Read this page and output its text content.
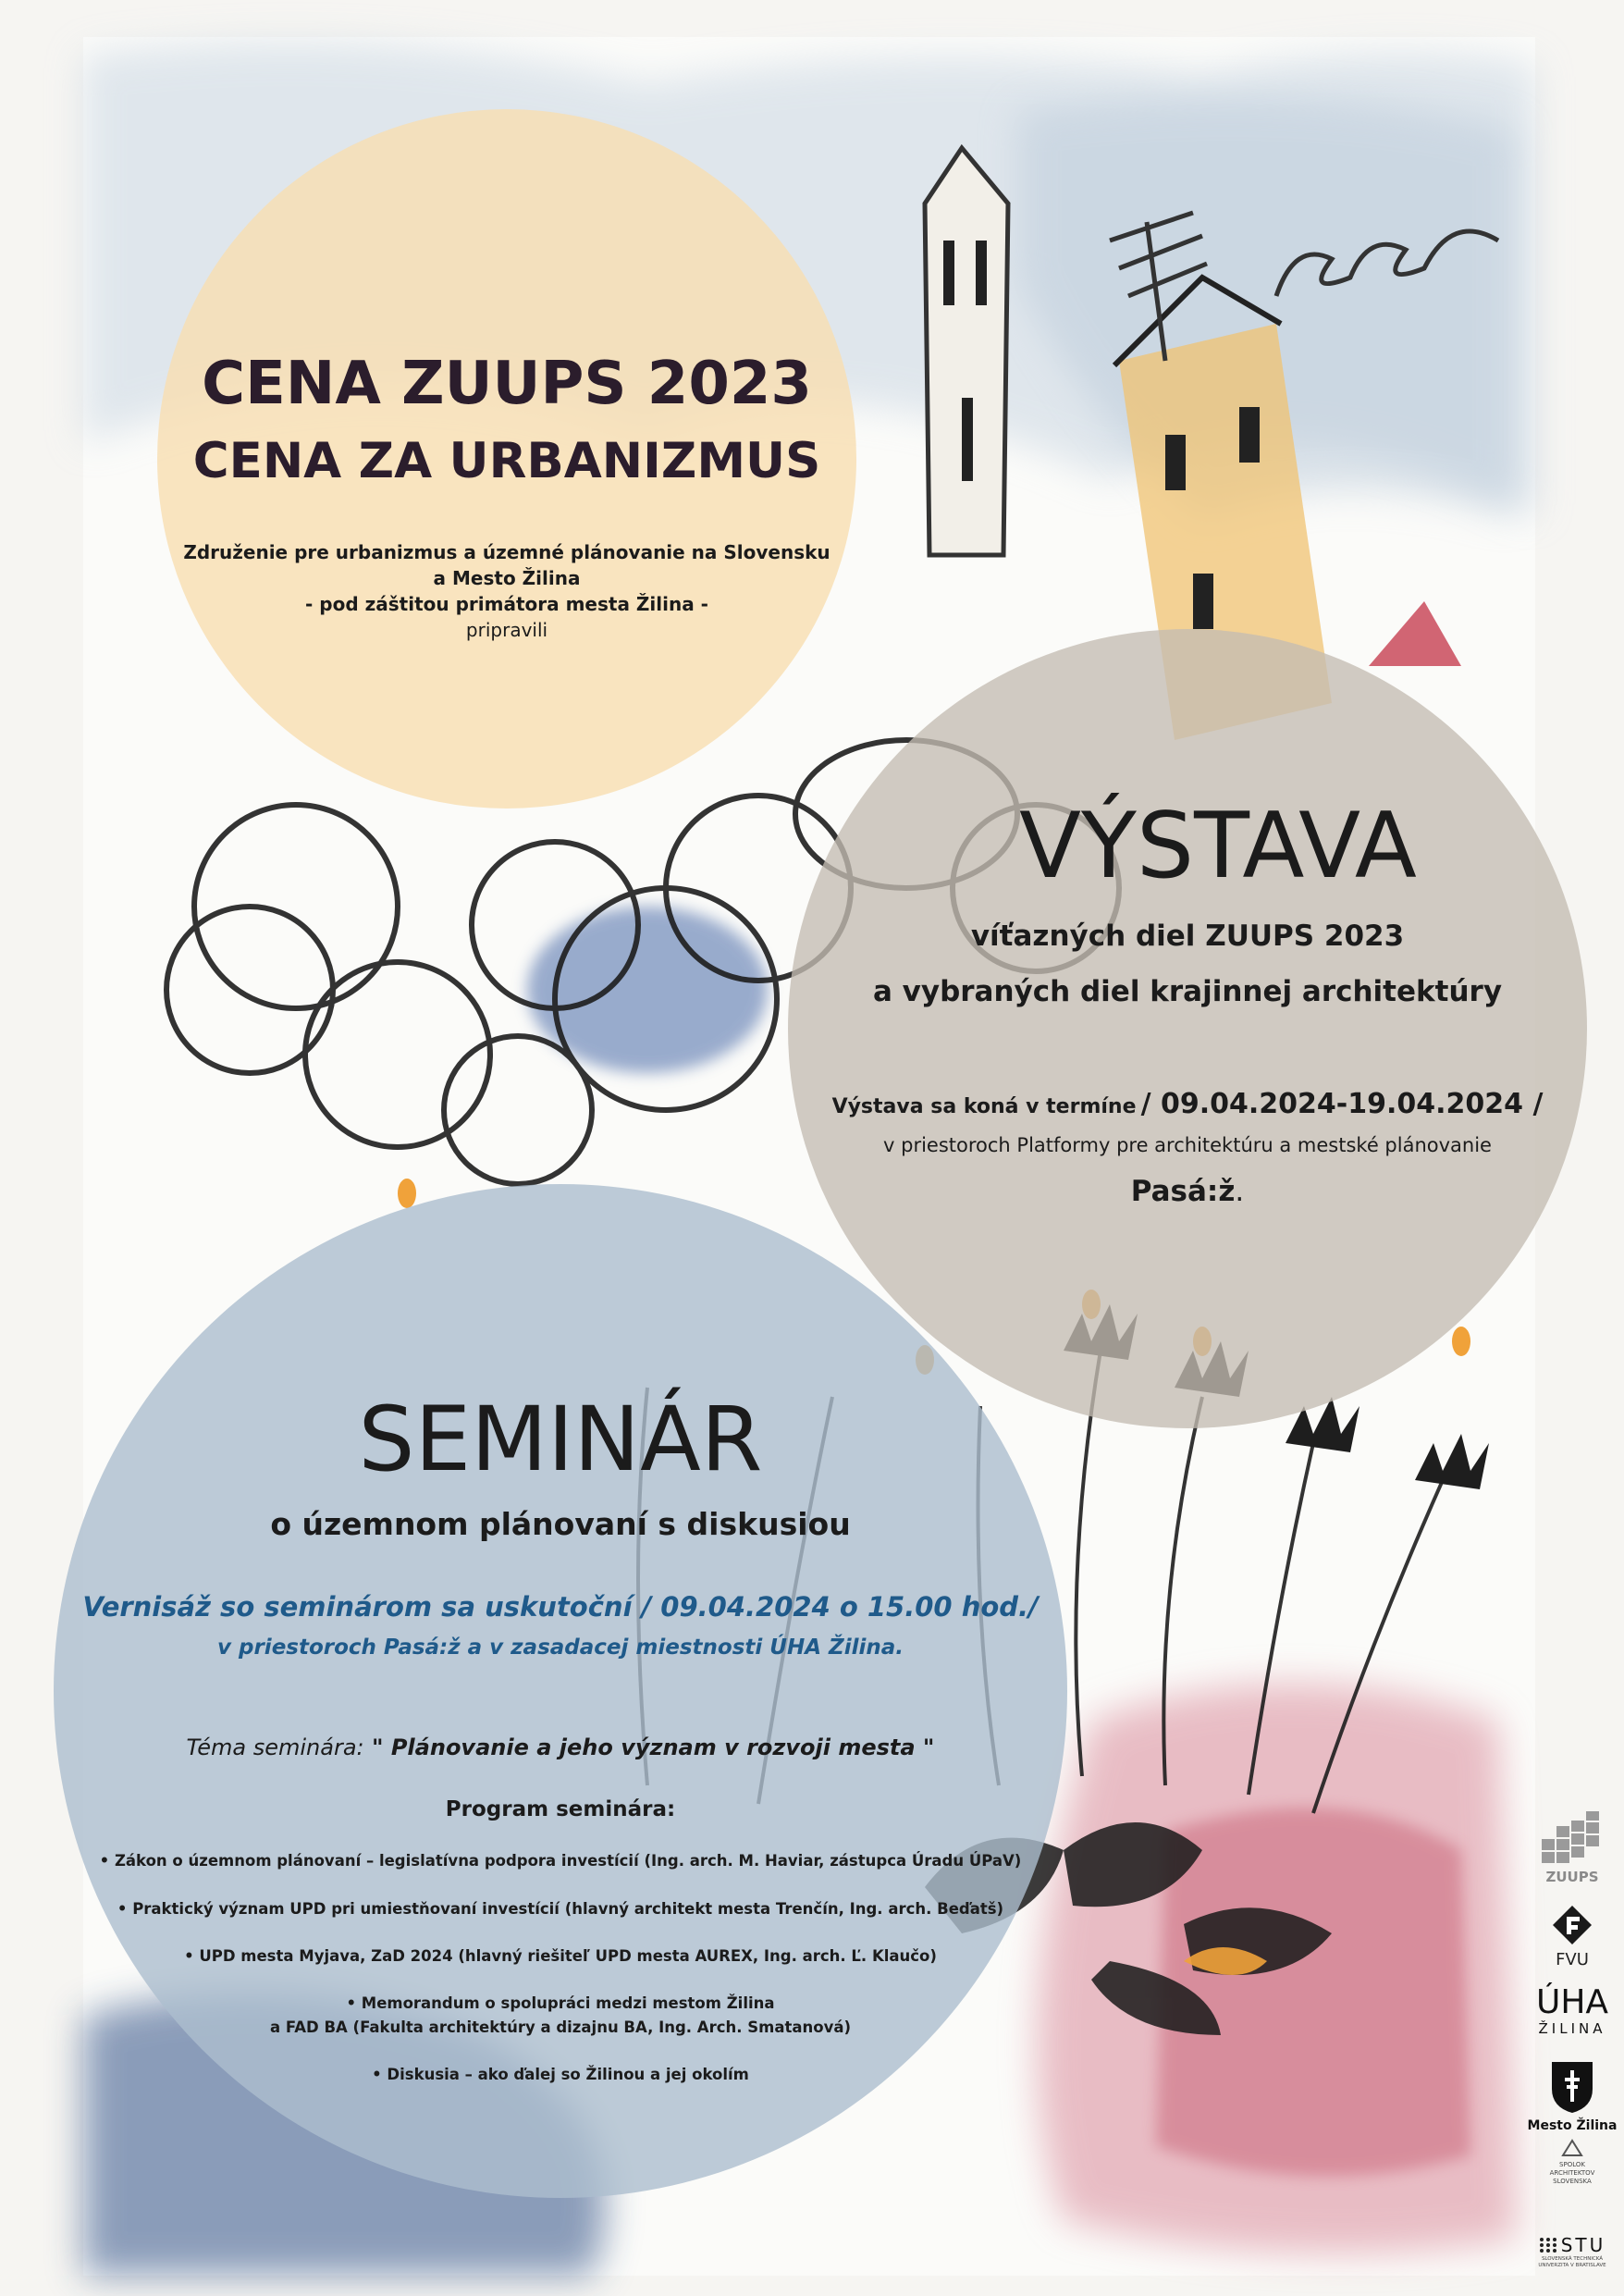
CENA ZUUPS 2023
CENA ZA URBANIZMUS
Združenie pre urbanizmus a územné plánovanie na Slovensku
a Mesto Žilina
- pod záštitou primátora mesta Žilina -
pripravili
VÝSTAVA
víťazných diel ZUUPS 2023
a vybraných diel krajinnej architektúry
Výstava sa koná v termíne / 09.04.2024-19.04.2024 /
v priestoroch Platformy pre architektúru a mestské plánovanie
Pasá:ž.
SEMINÁR
o územnom plánovaní s diskusiou
Vernisáž so seminárom sa uskutoční / 09.04.2024 o 15.00 hod./
v priestoroch Pasá:ž a v zasadacej miestnosti ÚHA Žilina.
Téma seminára: " Plánovanie a jeho význam v rozvoji mesta "
Program seminára:
• Zákon o územnom plánovaní – legislatívna podpora investícií (Ing. arch. M. Haviar, zástupca Úradu ÚPaV)
• Praktický význam UPD pri umiestňovaní investícií (hlavný architekt mesta Trenčín, Ing. arch. Beďatš)
• UPD mesta Myjava, ZaD 2024 (hlavný riešiteľ UPD mesta AUREX, Ing. arch. Ľ. Klaučo)
• Memorandum o spolupráci medzi mestom Žilina
a FAD BA (Fakulta architektúry a dizajnu BA, Ing. Arch. Smatanová)
• Diskusia – ako ďalej so Žilinou a jej okolím
ZUUPS
FVU
ÚHA
ŽILINA
Mesto Žilina
SPOLOK
ARCHITEKTOV
SLOVENSKA
STU
SLOVENSKÁ TECHNICKÁ
UNIVERZITA V BRATISLAVE
